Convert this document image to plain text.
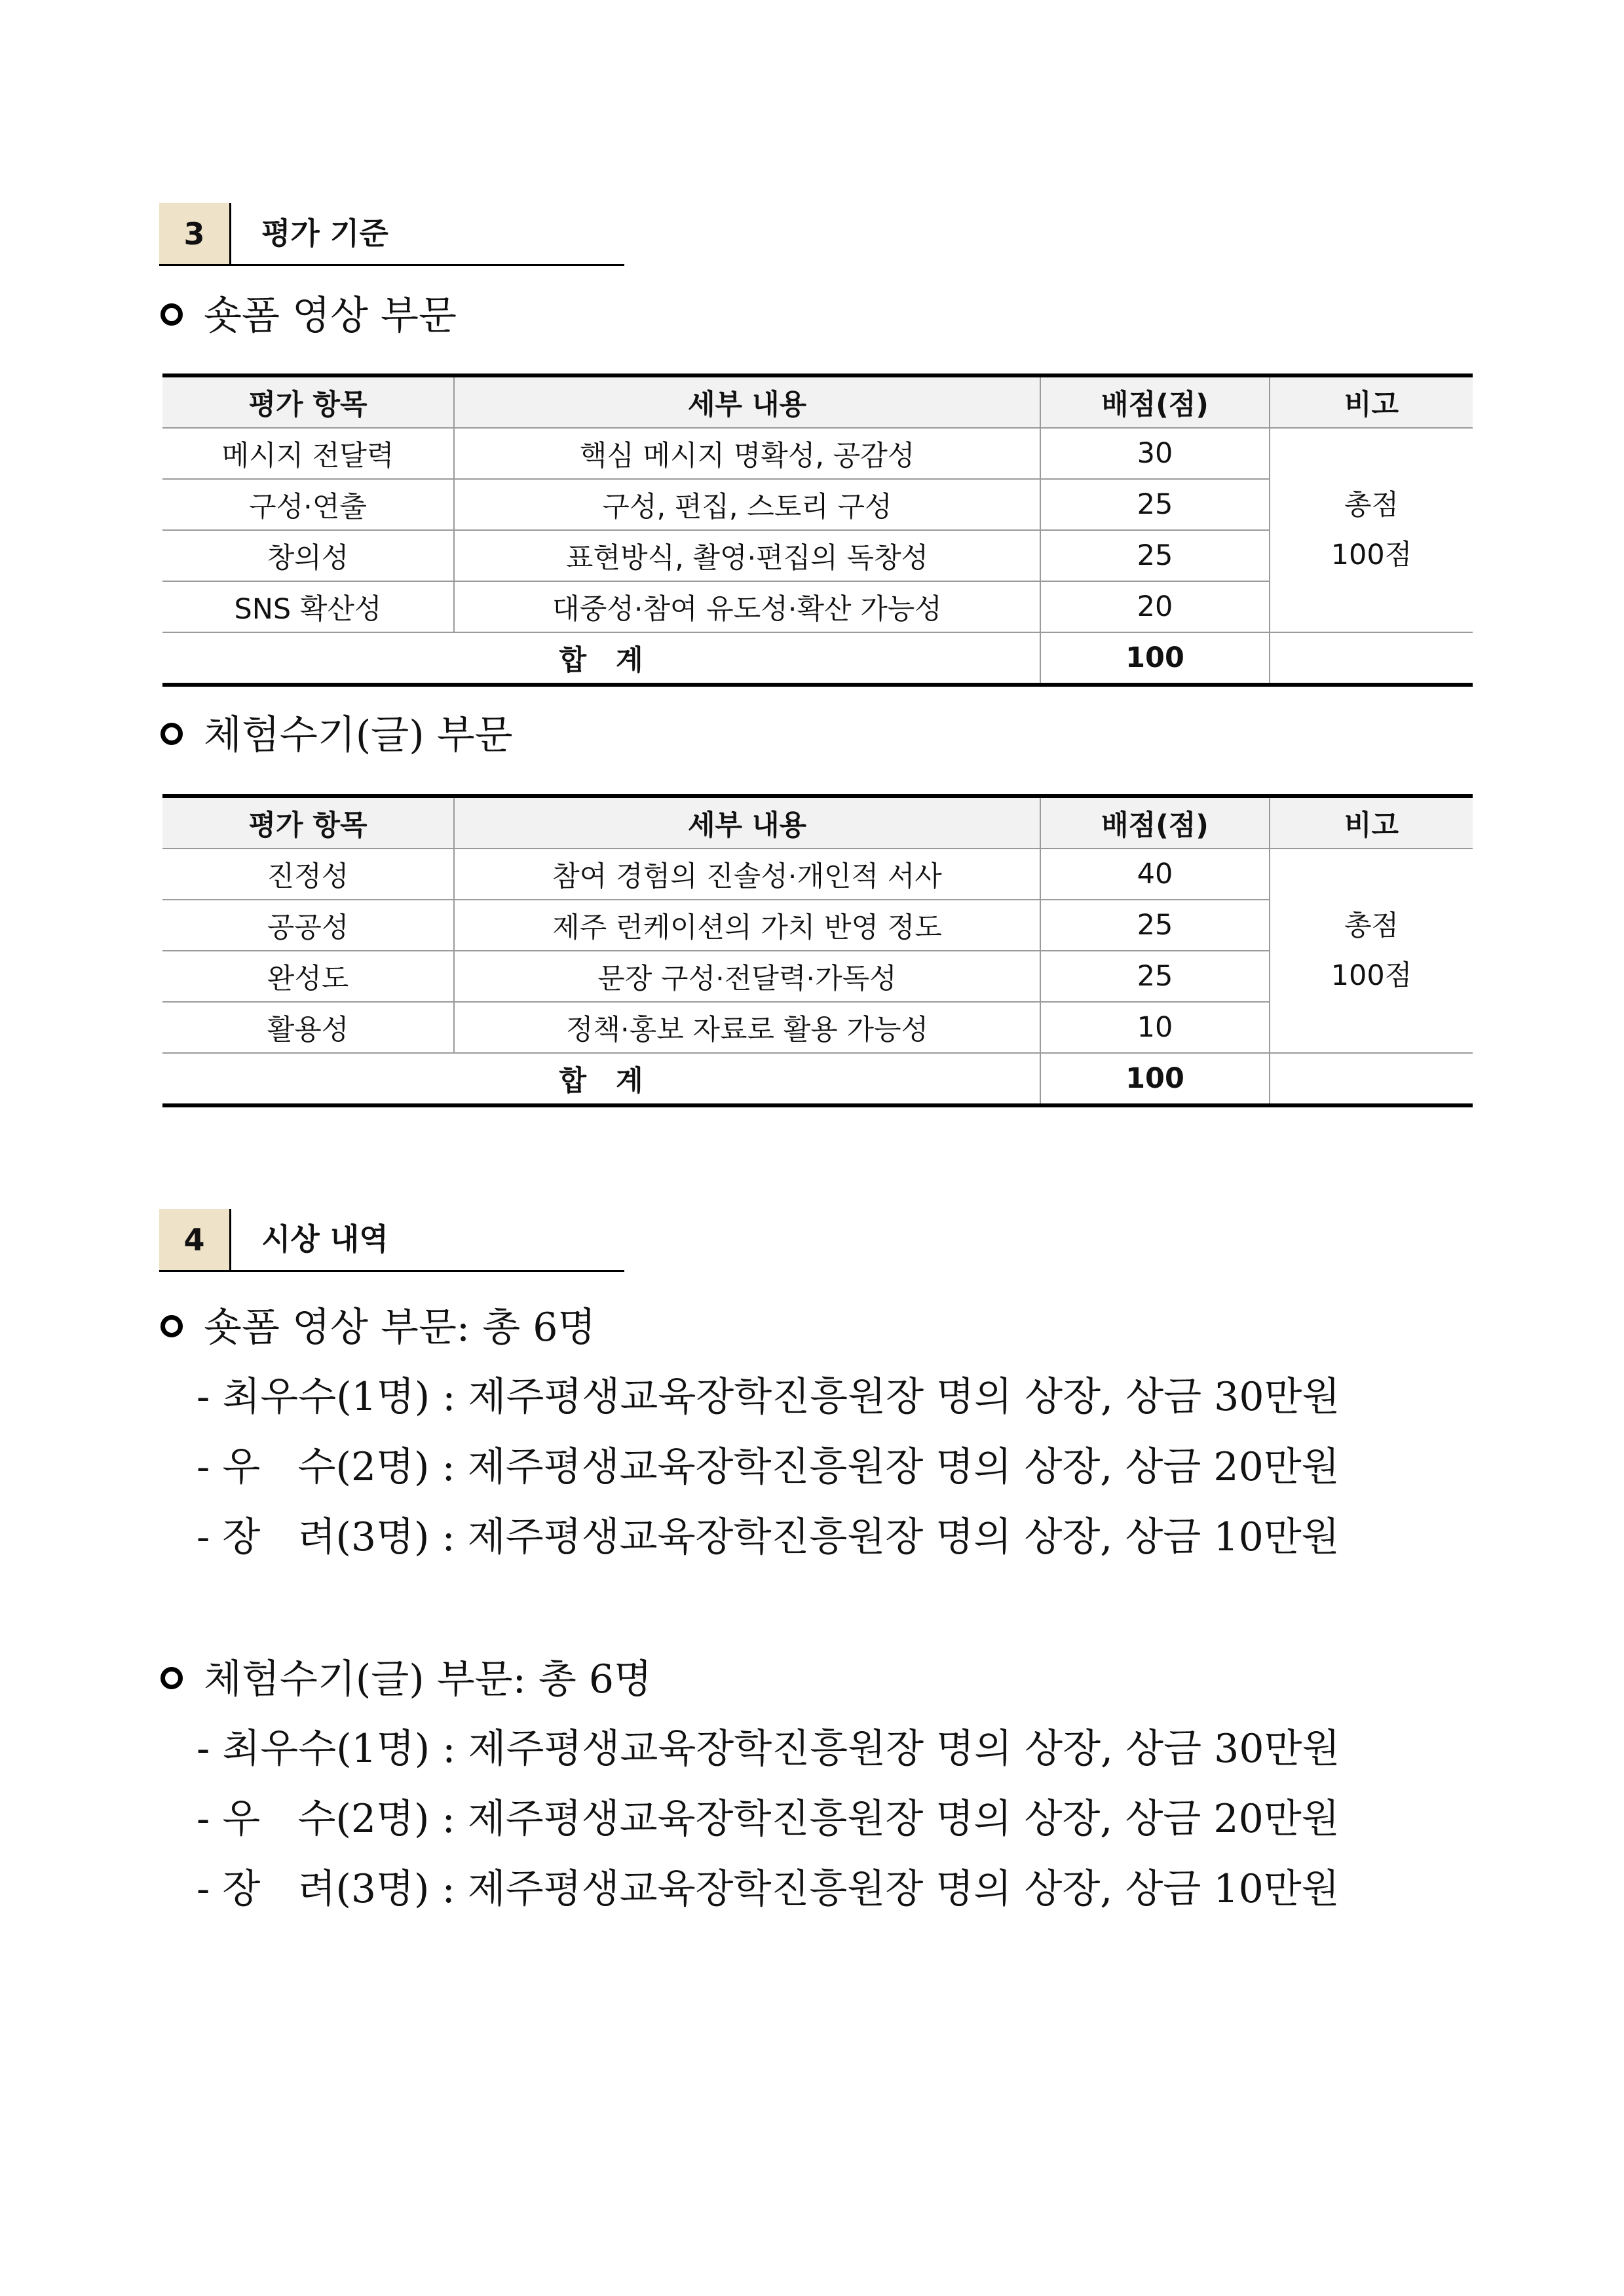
3	평가 기준
숏폼 영상 부문
평가 항목	세부 내용	배점(점)	비고
메시지 전달력	핵심 메시지 명확성, 공감성	30	총점
100점

구성·연출	구성, 편집, 스토리 구성	25	
창의성	표현방식, 촬영·편집의 독창성	25	
SNS 확산성	대중성·참여 유도성·확산 가능성	20	
합   계		100	
체험수기(글) 부문
평가 항목	세부 내용	배점(점)	비고
진정성	참여 경험의 진솔성·개인적 서사	40	총점
100점

공공성	제주 런케이션의 가치 반영 정도	25	
완성도	문장 구성·전달력·가독성	25	
활용성	정책·홍보 자료로 활용 가능성	10	
합   계		100	
4	시상 내역
숏폼 영상 부문: 총 6명
- 최우수(1명) : 제주평생교육장학진흥원장 명의 상장, 상금 30만원
- 우   수(2명) : 제주평생교육장학진흥원장 명의 상장, 상금 20만원
- 장   려(3명) : 제주평생교육장학진흥원장 명의 상장, 상금 10만원
체험수기(글) 부문: 총 6명
- 최우수(1명) : 제주평생교육장학진흥원장 명의 상장, 상금 30만원
- 우   수(2명) : 제주평생교육장학진흥원장 명의 상장, 상금 20만원
- 장   려(3명) : 제주평생교육장학진흥원장 명의 상장, 상금 10만원
